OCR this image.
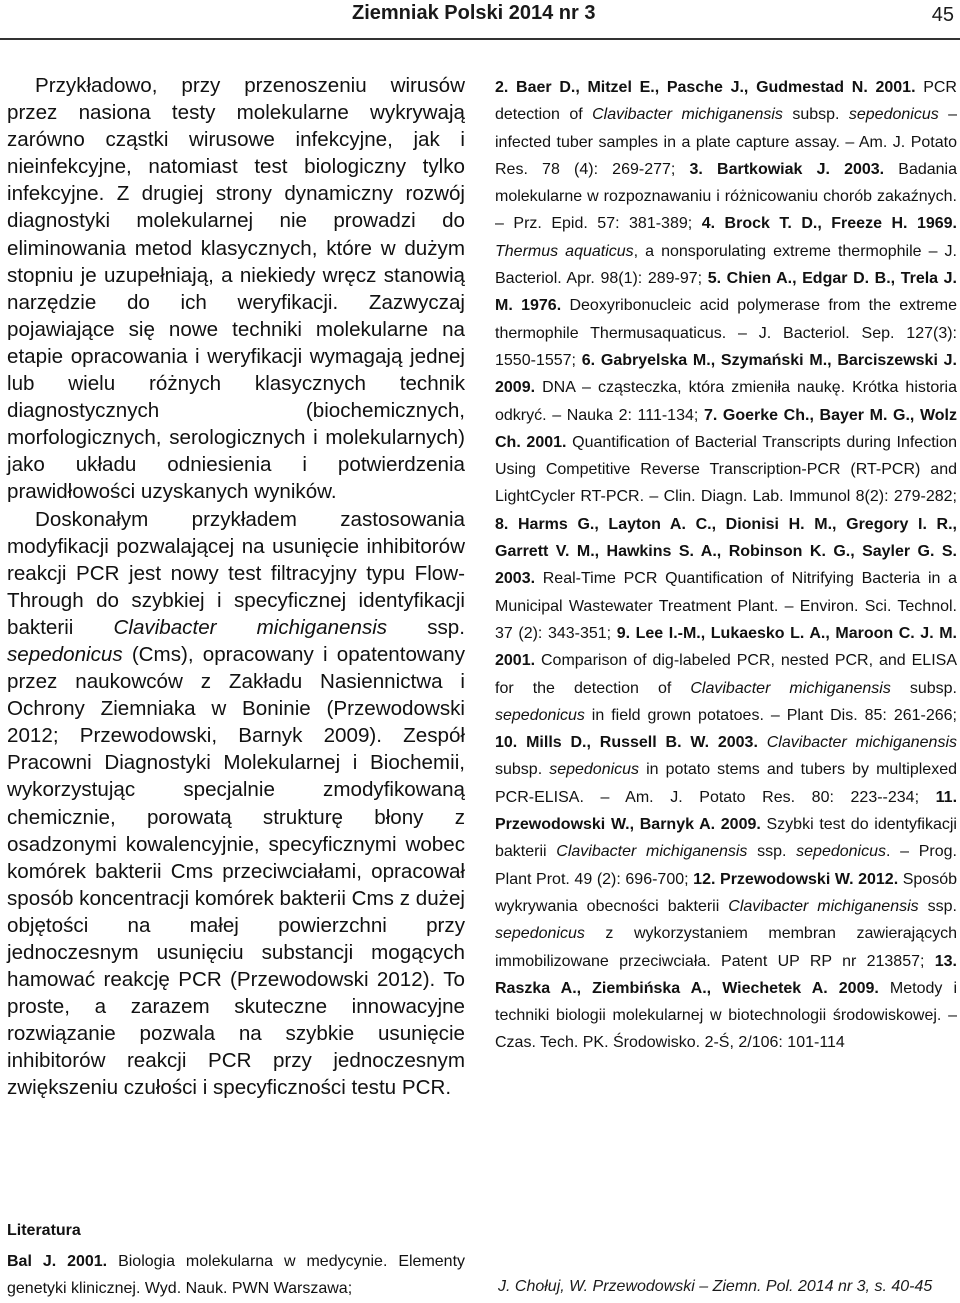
Ziemniak Polski 2014 nr 3	45

Przykładowo, przy przenoszeniu wirusów przez nasiona testy molekularne wykrywają zarówno cząstki wirusowe infekcyjne, jak i nieinfekcyjne, natomiast test biologiczny tylko infekcyjne. Z drugiej strony dynamiczny rozwój diagnostyki molekularnej nie prowadzi do eliminowania metod klasycznych, które w dużym stopniu je uzupełniają, a niekiedy wręcz stanowią narzędzie do ich weryfikacji. Zazwyczaj pojawiające się nowe techniki molekularne na etapie opracowania i weryfikacji wymagają jednej lub wielu różnych klasycznych technik diagnostycznych (biochemicznych, morfologicznych, serologicznych i molekularnych) jako układu odniesienia i potwierdzenia prawidłowości uzyskanych wyników.

Doskonałym przykładem zastosowania modyfikacji pozwalającej na usunięcie inhibitorów reakcji PCR jest nowy test filtracyjny typu Flow-Through do szybkiej i specyficznej identyfikacji bakterii Clavibacter michiganensis ssp. sepedonicus (Cms), opracowany i opatentowany przez naukowców z Zakładu Nasiennictwa i Ochrony Ziemniaka w Boninie (Przewodowski 2012; Przewodowski, Barnyk 2009). Zespół Pracowni Diagnostyki Molekularnej i Biochemii, wykorzystując specjalnie zmodyfikowaną chemicznie, porowatą strukturę błony z osadzonymi kowalencyjnie, specyficznymi wobec komórek bakterii Cms przeciwciałami, opracował sposób koncentracji komórek bakterii Cms z dużej objętości na małej powierzchni przy jednoczesnym usunięciu substancji mogących hamować reakcję PCR (Przewodowski 2012). To proste, a zarazem skuteczne innowacyjne rozwiązanie pozwala na szybkie usunięcie inhibitorów reakcji PCR przy jednoczesnym zwiększeniu czułości i specyficzności testu PCR.

Literatura
Bal J. 2001. Biologia molekularna w medycynie. Elementy genetyki klinicznej. Wyd. Nauk. PWN Warszawa;
2. Baer D., Mitzel E., Pasche J., Gudmestad N. 2001. PCR detection of Clavibacter michiganensis subsp. sepedonicus – infected tuber samples in a plate capture assay. – Am. J. Potato Res. 78 (4): 269-277; 3. Bartkowiak J. 2003. Badania molekularne w rozpoznawaniu i różnicowaniu chorób zakaźnych. – Prz. Epid. 57: 381-389; 4. Brock T. D., Freeze H. 1969. Thermus aquaticus, a nonsporulating extreme thermophile – J. Bacteriol. Apr. 98(1): 289-97; 5. Chien A., Edgar D. B., Trela J. M. 1976. Deoxyribonucleic acid polymerase from the extreme thermophile Thermusaquaticus. – J. Bacteriol. Sep. 127(3): 1550-1557; 6. Gabryelska M., Szymański M., Barciszewski J. 2009. DNA – cząsteczka, która zmieniła naukę. Krótka historia odkryć. – Nauka 2: 111-134; 7. Goerke Ch., Bayer M. G., Wolz Ch. 2001. Quantification of Bacterial Transcripts during Infection Using Competitive Reverse Transcription-PCR (RT-PCR) and LightCycler RT-PCR. – Clin. Diagn. Lab. Immunol 8(2): 279-282; 8. Harms G., Layton A. C., Dionisi H. M., Gregory I. R., Garrett V. M., Hawkins S. A., Robinson K. G., Sayler G. S. 2003. Real-Time PCR Quantification of Nitrifying Bacteria in a Municipal Wastewater Treatment Plant. – Environ. Sci. Technol. 37 (2): 343-351; 9. Lee I.-M., Lukaesko L. A., Maroon C. J. M. 2001. Comparison of dig-labeled PCR, nested PCR, and ELISA for the detection of Clavibacter michiganensis subsp. sepedonicus in field grown potatoes. – Plant Dis. 85: 261-266; 10. Mills D., Russell B. W. 2003. Clavibacter michiganensis subsp. sepedonicus in potato stems and tubers by multiplexed PCR-ELISA. – Am. J. Potato Res. 80: 223--234; 11. Przewodowski W., Barnyk A. 2009. Szybki test do identyfikacji bakterii Clavibacter michiganensis ssp. sepedonicus. – Prog. Plant Prot. 49 (2): 696-700; 12. Przewodowski W. 2012. Sposób wykrywania obecności bakterii Clavibacter michiganensis ssp. sepedonicus z wykorzystaniem membran zawierających immobilizowane przeciwciała. Patent UP RP nr 213857; 13. Raszka A., Ziembińska A., Wiechetek A. 2009. Metody i techniki biologii molekularnej w biotechnologii środowiskowej. – Czas. Tech. PK. Środowisko. 2-Ś, 2/106: 101-114
J. Chołuj, W. Przewodowski – Ziemn. Pol. 2014 nr 3, s. 40-45
